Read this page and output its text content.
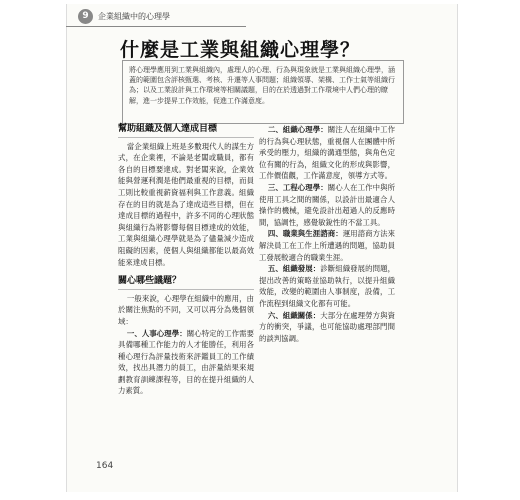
9	企業組織中的心理學
什麼是工業與組織心理學？
將心理學應用到工業與組織內，處理人的心理、行為與現象就是工業與組織心理學，涵蓋的範圍包含評核甄選、考核、升遷等人事問題；組織領導、架構、工作士氣等組織行為；以及工業設計與工作環境等相關議題，目的在於透過對工作環境中人們心理的瞭解，進一步提昇工作效能，促進工作滿意度。
幫助組織及個人達成目標

當企業組織上班是多數現代人的謀生方式，在企業裡，不論是老闆或職員，都有各自的目標要達成。對老闆來說，企業效能與營運利潤是他們最重視的目標，而員工則比較重視薪資福利與工作意義。組織存在的目的就是為了達成這些目標，但在達成目標的過程中，許多不同的心理狀態與組織行為將影響每個目標達成的效能，工業與組織心理學就是為了儘量減少造成阻礙的因素，使個人與組織都能以最高效能來達成目標。

關心哪些議題？

一般來說，心理學在組織中的應用，由於關注焦點的不同，又可以再分為幾個領域：

一、人事心理學：關心特定的工作需要具備哪種工作能力的人才能勝任，利用各種心理行為評量技術來評鑑員工的工作績效，找出具潛力的員工，由評量結果來規劃教育訓練課程等，目的在提升組織的人力素質。
二、組織心理學：關注人在組織中工作的行為與心理狀態，重視個人在團體中所承受的壓力，組織的溝通型態，與角色定位有關的行為，組織文化的形成與影響，工作價值觀，工作滿意度，領導方式等。
三、工程心理學：關心人在工作中與所使用工具之間的關係，以設計出最適合人操作的機械，避免設計出超過人的反應時間，協調性，感覺敏銳性的不當工具。
四、職業與生涯諮商：運用諮商方法來解決員工在工作上所遭遇的問題，協助員工發展較適合的職業生涯。
五、組織發展：診斷組織發展的問題，提出改善的策略並協助執行，以提升組織效能，改變的範圍由人事制度，設備，工作流程到組織文化都有可能。
六、組織關係：大部分在處理勞方與資方的衝突，爭議，也可能協助處理部門間的談判協調。
164
